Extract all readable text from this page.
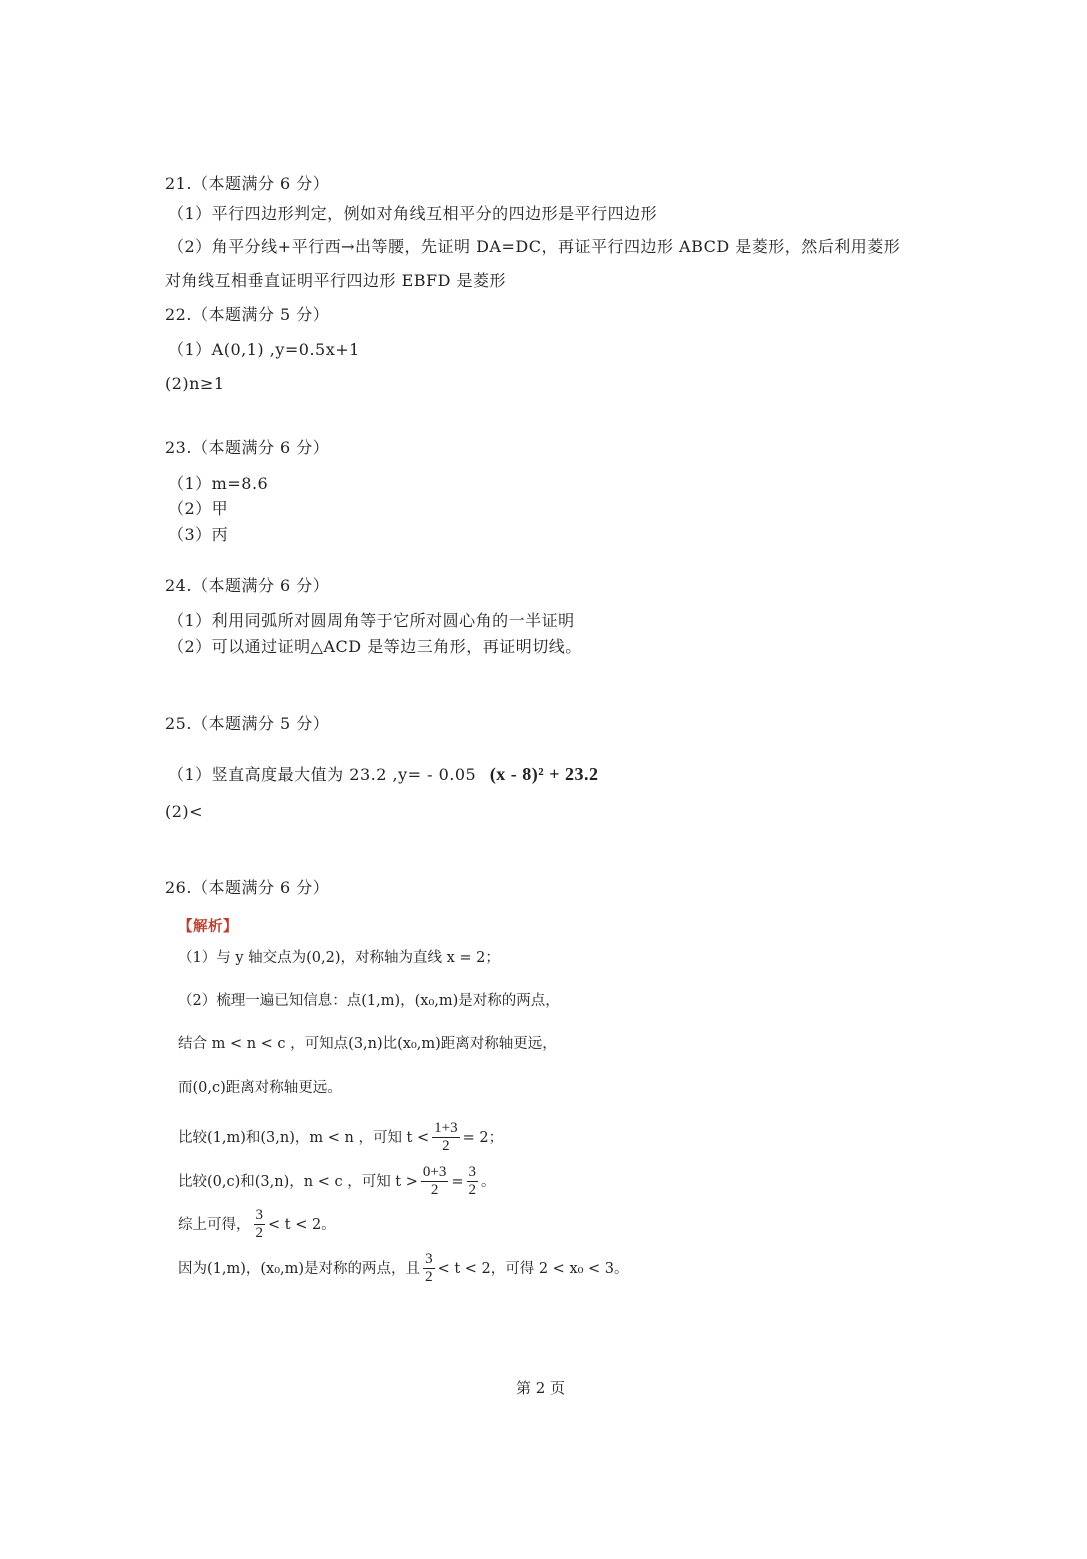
21.（本题满分 6 分）
（1）平行四边形判定，例如对角线互相平分的四边形是平行四边形
（2）角平分线+平行西→出等腰，先证明 DA=DC，再证平行四边形 ABCD 是菱形，然后利用菱形
对角线互相垂直证明平行四边形 EBFD 是菱形
22.（本题满分 5 分）
（1）A(0,1) ,y=0.5x+1
(2)n≥1
23.（本题满分 6 分）
（1）m=8.6
（2）甲
（3）丙
24.（本题满分 6 分）
（1）利用同弧所对圆周角等于它所对圆心角的一半证明
（2）可以通过证明△ACD 是等边三角形，再证明切线。
25.（本题满分 5 分）
（1）竖直高度最大值为 23.2 ,y= - 0.05 (x - 8)² + 23.2
(2)<
26.（本题满分 6 分）
【解析】
（1）与 y 轴交点为(0,2)，对称轴为直线 x = 2；
（2）梳理一遍已知信息：点(1,m)，(x₀,m)是对称的两点，
结合 m < n < c ，可知点(3,n)比(x₀,m)距离对称轴更远，
而(0,c)距离对称轴更远。
比较(1,m)和(3,n)，m < n ，可知 $t < \frac{1+3}{2} = 2$；
比较(0,c)和(3,n)，n < c ，可知 $t > \frac{0+3}{2} = \frac{3}{2}$ 。
综上可得， $\frac{3}{2} < t < 2$。
因为(1,m)，(x₀,m)是对称的两点，且 $\frac{3}{2} < t < 2$，可得 2 < x₀ < 3。
第 2 页
